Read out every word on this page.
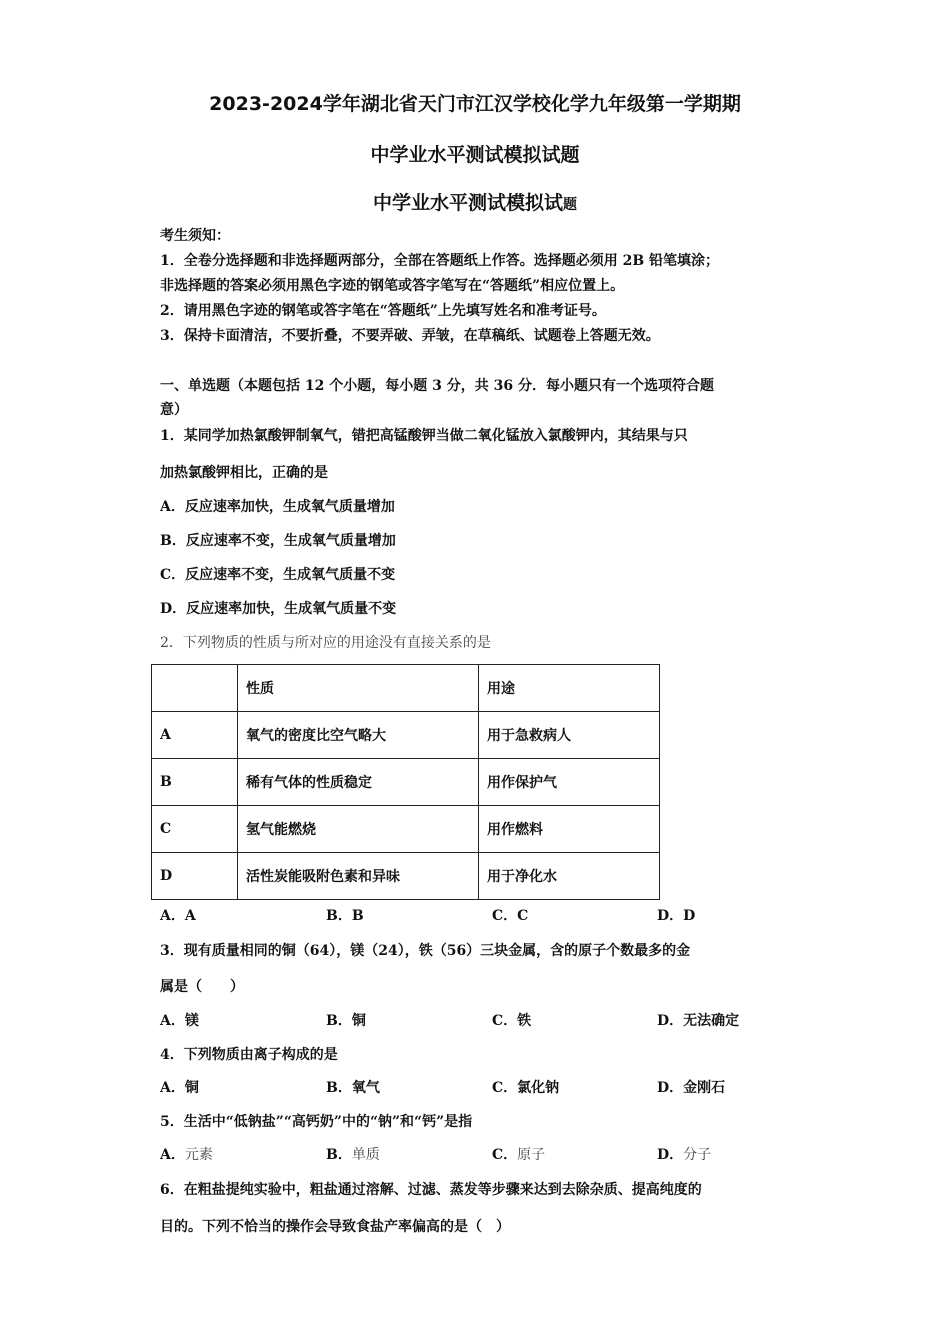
2023-2024学年湖北省天门市江汉学校化学九年级第一学期期
中学业水平测试模拟试题
中学业水平测试模拟试题
考生须知：
1．全卷分选择题和非选择题两部分，全部在答题纸上作答。选择题必须用 2B 铅笔填涂；
非选择题的答案必须用黑色字迹的钢笔或答字笔写在“答题纸”相应位置上。
2．请用黑色字迹的钢笔或答字笔在“答题纸”上先填写姓名和准考证号。
3．保持卡面清洁，不要折叠，不要弄破、弄皱，在草稿纸、试题卷上答题无效。
一、单选题（本题包括 12 个小题，每小题 3 分，共 36 分．每小题只有一个选项符合题
意）
1．某同学加热氯酸钾制氧气，错把高锰酸钾当做二氧化锰放入氯酸钾内，其结果与只
加热氯酸钾相比，正确的是
A．反应速率加快，生成氧气质量增加
B．反应速率不变，生成氧气质量增加
C．反应速率不变，生成氧气质量不变
D．反应速率加快，生成氧气质量不变
2．下列物质的性质与所对应的用途没有直接关系的是
	性质	用途
A	氧气的密度比空气略大	用于急救病人
B	稀有气体的性质稳定	用作保护气
C	氢气能燃烧	用作燃料
D	活性炭能吸附色素和异味	用于净化水
A．A	B．B	C．C	D．D
3．现有质量相同的铜（64），镁（24），铁（56）三块金属，含的原子个数最多的金
属是（　　）
A．镁	B．铜	C．铁	D．无法确定
4．下列物质由离子构成的是
A．铜	B．氧气	C．氯化钠	D．金刚石
5．生活中“低钠盐”“高钙奶”中的“钠”和“钙”是指
A．元素	B．单质	C．原子	D．分子
6．在粗盐提纯实验中，粗盐通过溶解、过滤、蒸发等步骤来达到去除杂质、提高纯度的
目的。下列不恰当的操作会导致食盐产率偏高的是（　）
